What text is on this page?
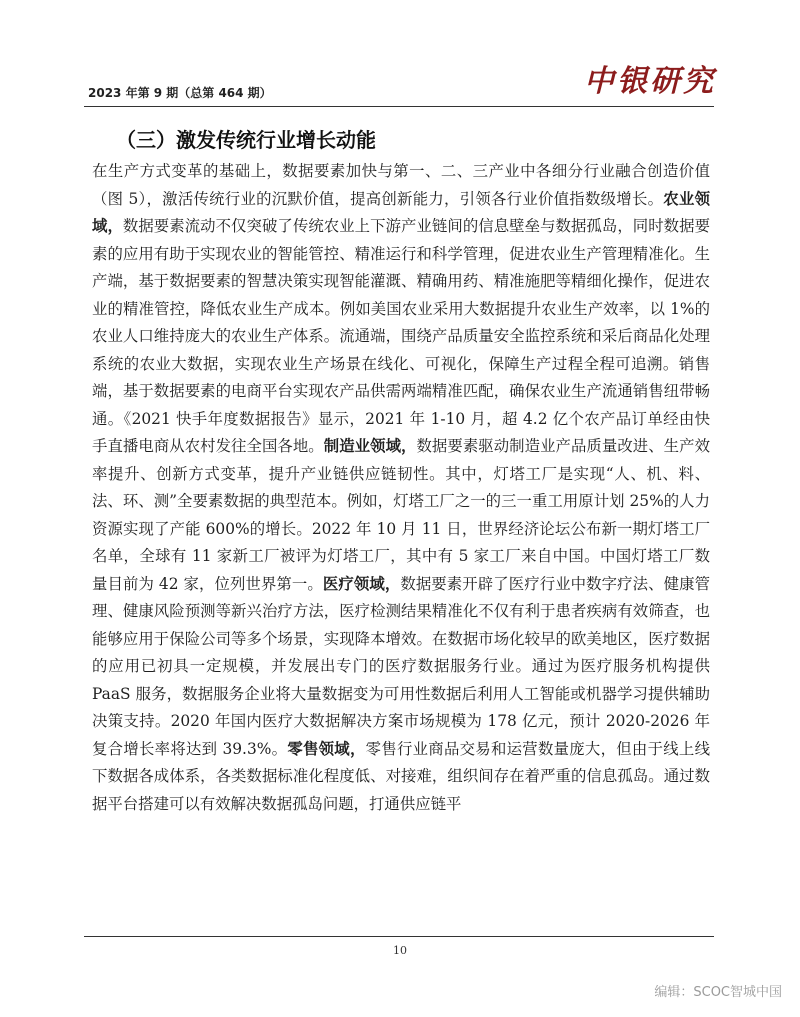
2023 年第 9 期（总第 464 期）	中银研究
（三）激发传统行业增长动能

在生产方式变革的基础上，数据要素加快与第一、二、三产业中各细分行业融合创造价值（图 5），激活传统行业的沉默价值，提高创新能力，引领各行业价值指数级增长。农业领域，数据要素流动不仅突破了传统农业上下游产业链间的信息壁垒与数据孤岛，同时数据要素的应用有助于实现农业的智能管控、精准运行和科学管理，促进农业生产管理精准化。生产端，基于数据要素的智慧决策实现智能灌溉、精确用药、精准施肥等精细化操作，促进农业的精准管控，降低农业生产成本。例如美国农业采用大数据提升农业生产效率，以 1%的农业人口维持庞大的农业生产体系。流通端，围绕产品质量安全监控系统和采后商品化处理系统的农业大数据，实现农业生产场景在线化、可视化，保障生产过程全程可追溯。销售端，基于数据要素的电商平台实现农产品供需两端精准匹配，确保农业生产流通销售纽带畅通。《2021 快手年度数据报告》显示，2021 年 1-10 月，超 4.2 亿个农产品订单经由快手直播电商从农村发往全国各地。制造业领域，数据要素驱动制造业产品质量改进、生产效率提升、创新方式变革，提升产业链供应链韧性。其中，灯塔工厂是实现“人、机、料、法、环、测”全要素数据的典型范本。例如，灯塔工厂之一的三一重工用原计划 25%的人力资源实现了产能 600%的增长。2022 年 10 月 11 日，世界经济论坛公布新一期灯塔工厂名单，全球有 11 家新工厂被评为灯塔工厂，其中有 5 家工厂来自中国。中国灯塔工厂数量目前为 42 家，位列世界第一。医疗领域，数据要素开辟了医疗行业中数字疗法、健康管理、健康风险预测等新兴治疗方法，医疗检测结果精准化不仅有利于患者疾病有效筛查，也能够应用于保险公司等多个场景，实现降本增效。在数据市场化较早的欧美地区，医疗数据的应用已初具一定规模，并发展出专门的医疗数据服务行业。通过为医疗服务机构提供 PaaS 服务，数据服务企业将大量数据变为可用性数据后利用人工智能或机器学习提供辅助决策支持。2020 年国内医疗大数据解决方案市场规模为 178 亿元，预计 2020-2026 年复合增长率将达到 39.3%。零售领域，零售行业商品交易和运营数量庞大，但由于线上线下数据各成体系，各类数据标准化程度低、对接难，组织间存在着严重的信息孤岛。通过数据平台搭建可以有效解决数据孤岛问题，打通供应链平

10
编辑：SCOC智城中国
